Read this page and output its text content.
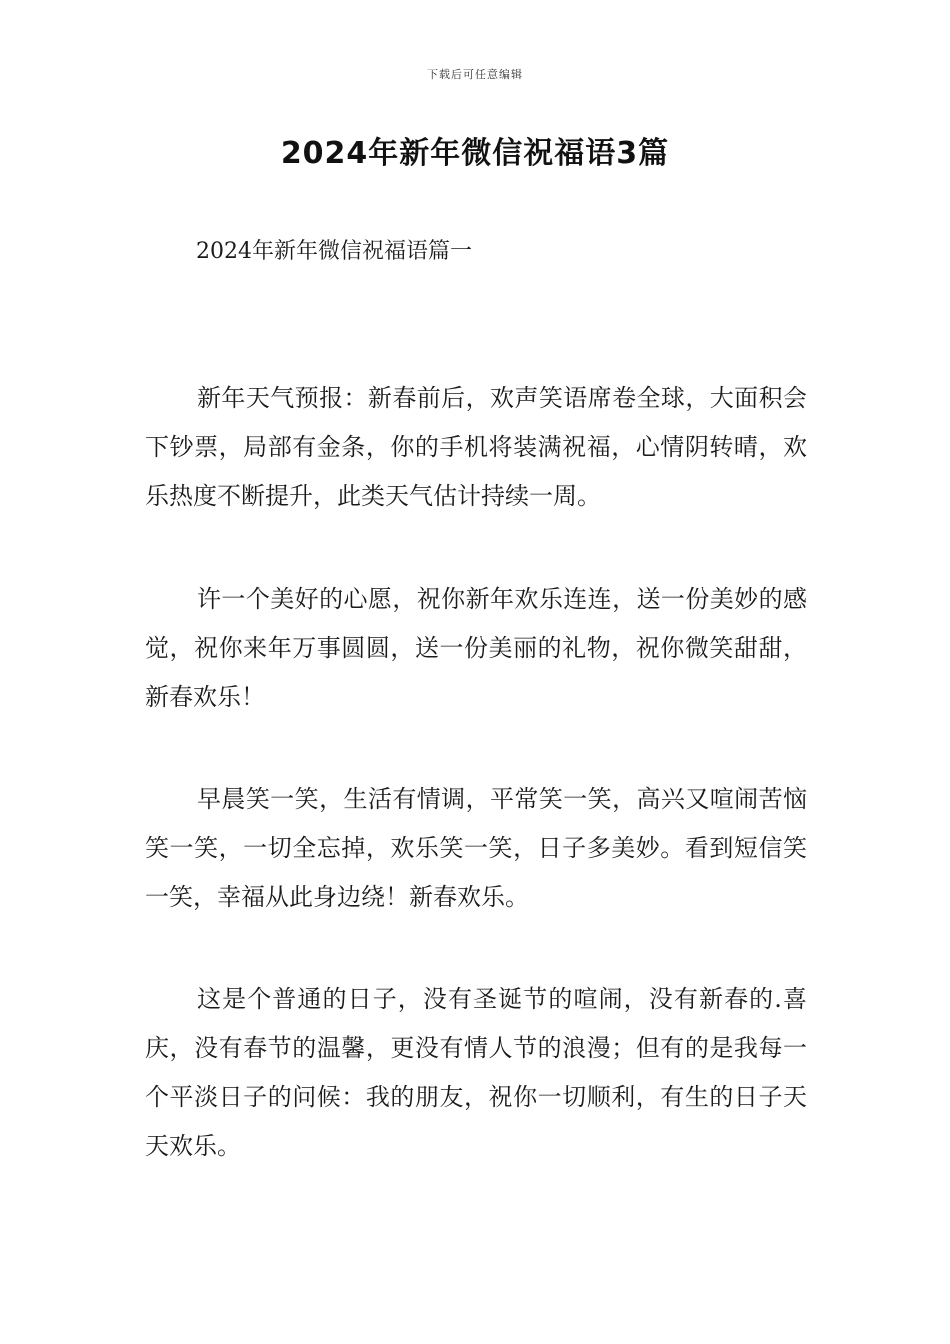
下载后可任意编辑
2024年新年微信祝福语3篇
2024年新年微信祝福语篇一

新年天气预报：新春前后，欢声笑语席卷全球，大面积会下钞票，局部有金条，你的手机将装满祝福，心情阴转晴，欢乐热度不断提升，此类天气估计持续一周。

许一个美好的心愿，祝你新年欢乐连连，送一份美妙的感觉，祝你来年万事圆圆，送一份美丽的礼物，祝你微笑甜甜，新春欢乐！

早晨笑一笑，生活有情调，平常笑一笑，高兴又喧闹苦恼笑一笑，一切全忘掉，欢乐笑一笑，日子多美妙。看到短信笑一笑，幸福从此身边绕！新春欢乐。

这是个普通的日子，没有圣诞节的喧闹，没有新春的.喜庆，没有春节的温馨，更没有情人节的浪漫；但有的是我每一个平淡日子的问候：我的朋友，祝你一切顺利，有生的日子天天欢乐。
